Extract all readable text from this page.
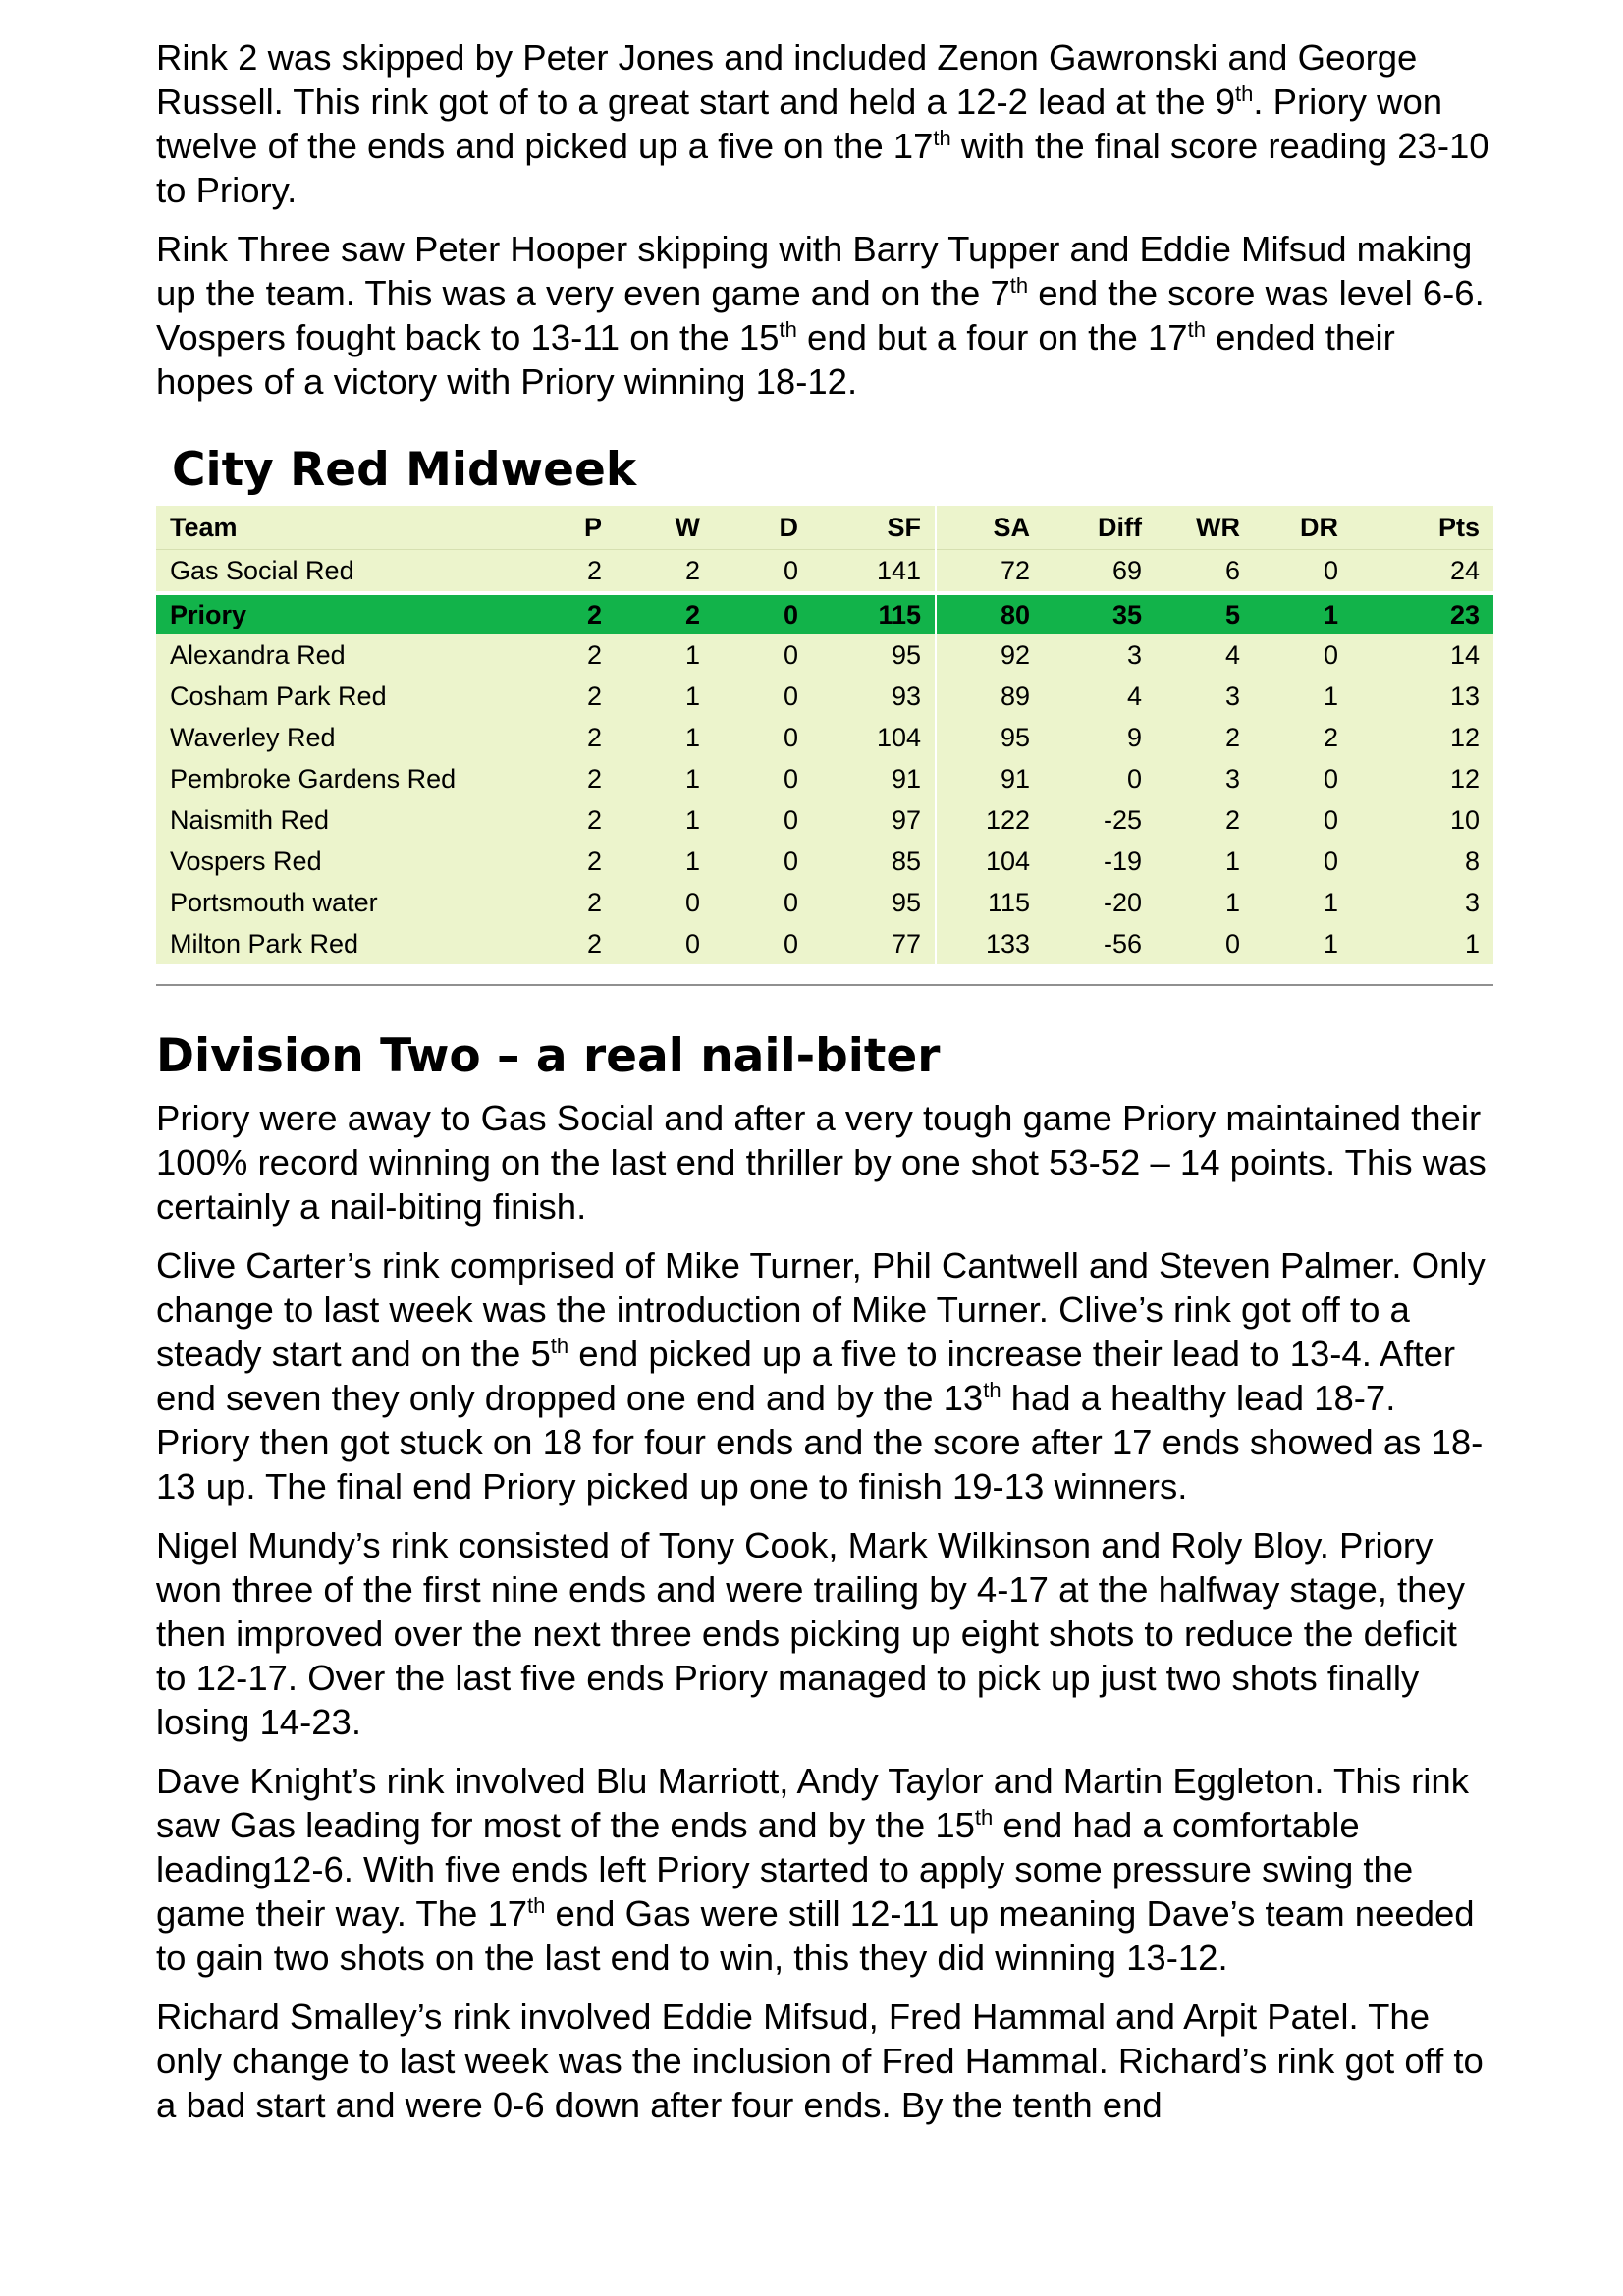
Rink 2 was skipped by Peter Jones and included Zenon Gawronski and George Russell. This rink got of to a great start and held a 12-2 lead at the 9th. Priory won twelve of the ends and picked up a five on the 17th with the final score reading 23-10 to Priory.

Rink Three saw Peter Hooper skipping with Barry Tupper and Eddie Mifsud making up the team. This was a very even game and on the 7th end the score was level 6-6. Vospers fought back to 13-11 on the 15th end but a four on the 17th ended their hopes of a victory with Priory winning 18-12.

City Red Midweek
Team	P	W	D	SF	SA	Diff	WR	DR	Pts
Gas Social Red	2	2	0	141	72	69	6	0	24

Priory	2	2	0	115	80	35	5	1	23
Alexandra Red	2	1	0	95	92	3	4	0	14
Cosham Park Red	2	1	0	93	89	4	3	1	13
Waverley Red	2	1	0	104	95	9	2	2	12
Pembroke Gardens Red	2	1	0	91	91	0	3	0	12
Naismith Red	2	1	0	97	122	-25	2	0	10
Vospers Red	2	1	0	85	104	-19	1	0	8
Portsmouth water	2	0	0	95	115	-20	1	1	3
Milton Park Red	2	0	0	77	133	-56	0	1	1
Division Two – a real nail-biter

Priory were away to Gas Social and after a very tough game Priory maintained their 100% record winning on the last end thriller by one shot 53-52 – 14 points. This was certainly a nail-biting finish.

Clive Carter’s rink comprised of Mike Turner, Phil Cantwell and Steven Palmer. Only change to last week was the introduction of Mike Turner. Clive’s rink got off to a steady start and on the 5th end picked up a five to increase their lead to 13-4. After end seven they only dropped one end and by the 13th had a healthy lead 18-7. Priory then got stuck on 18 for four ends and the score after 17 ends showed as 18-13 up. The final end Priory picked up one to finish 19-13 winners.

Nigel Mundy’s rink consisted of Tony Cook, Mark Wilkinson and Roly Bloy. Priory won three of the first nine ends and were trailing by 4-17 at the halfway stage, they then improved over the next three ends picking up eight shots to reduce the deficit to 12-17. Over the last five ends Priory managed to pick up just two shots finally losing 14-23.

Dave Knight’s rink involved Blu Marriott, Andy Taylor and Martin Eggleton. This rink saw Gas leading for most of the ends and by the 15th end had a comfortable leading12-6. With five ends left Priory started to apply some pressure swing the game their way. The 17th end Gas were still 12-11 up meaning Dave’s team needed to gain two shots on the last end to win, this they did winning 13-12.

Richard Smalley’s rink involved Eddie Mifsud, Fred Hammal and Arpit Patel. The only change to last week was the inclusion of Fred Hammal. Richard’s rink got off to a bad start and were 0-6 down after four ends. By the tenth end
